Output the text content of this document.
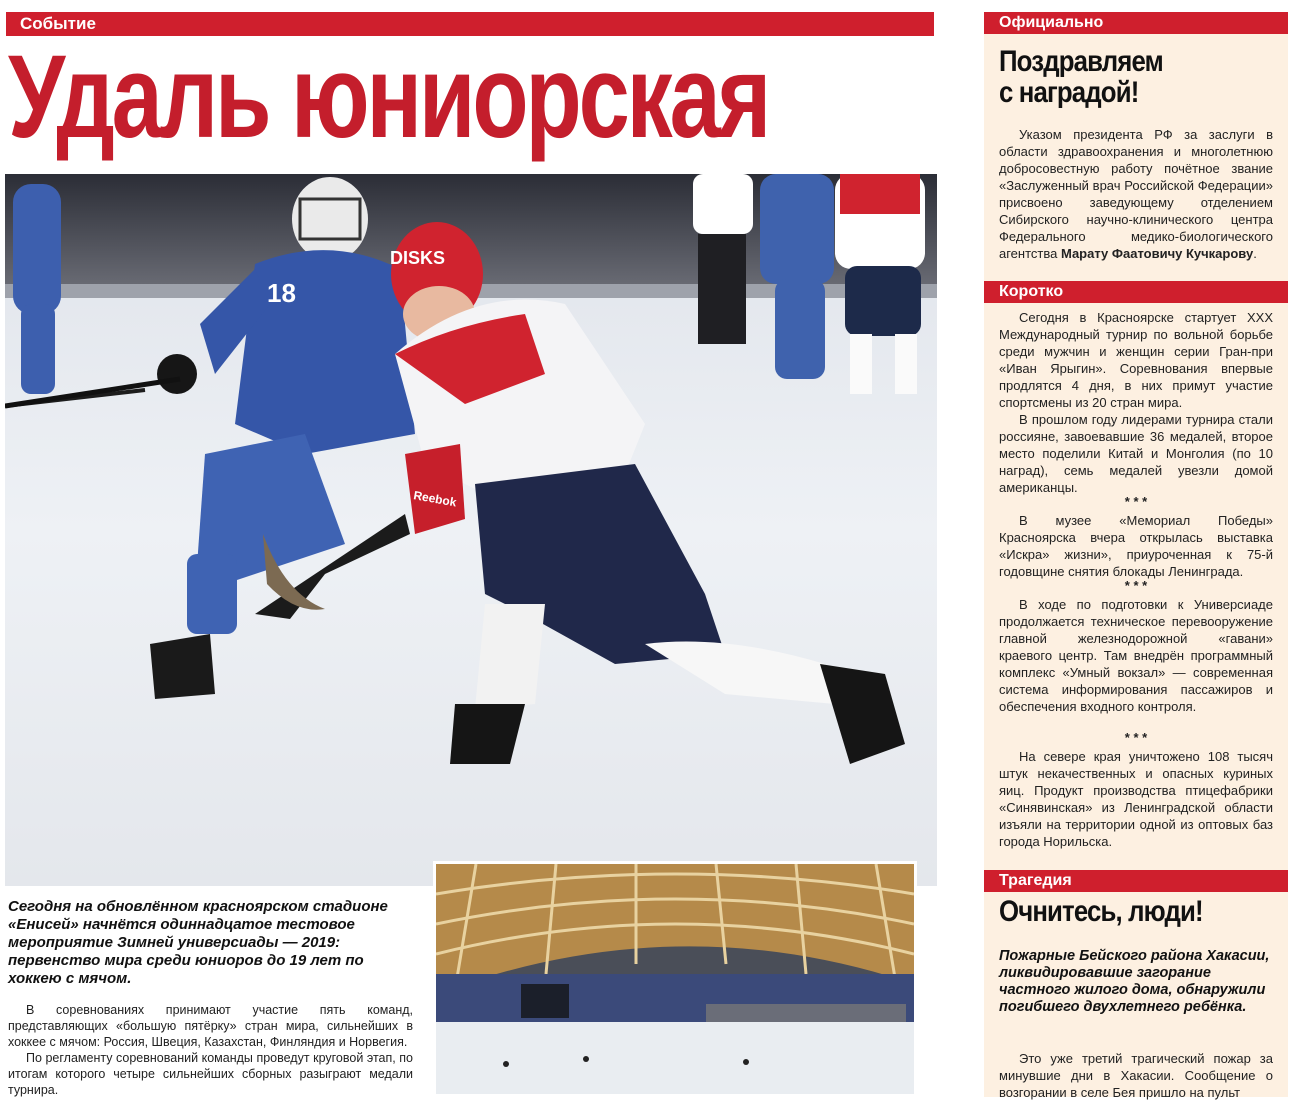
Событие
Удаль юниорская
18
DISKS
Reebok

Сегодня на обновлённом красноярском стадионе «Енисей» начнётся одиннадцатое тестовое мероприятие Зимней универсиады — 2019: первенство мира среди юниоров до 19 лет по хоккею с мячом.

В соревнованиях принимают участие пять команд, представляющих «большую пятёрку» стран мира, сильнейших в хоккее с мячом: Россия, Швеция, Казахстан, Финляндия и Норвегия.

По регламенту соревнований команды проведут круговой этап, по итогам которого четыре сильнейших сборных разыграют медали турнира.

Официально
Поздравляем
с наградой!

Указом президента РФ за заслуги в области здравоохранения и многолетнюю добросовестную работу почётное звание «Заслуженный врач Российской Федерации» присвоено заведующему отделением Сибирского научно-клинического центра Федерального медико-биологического агентства Марату Фаатовичу Кучкарову.

Коротко

Сегодня в Красноярске стартует XXX Международный турнир по вольной борьбе среди мужчин и женщин серии Гран-при «Иван Ярыгин». Соревнования впервые продлятся 4 дня, в них примут участие спортсмены из 20 стран мира.

В прошлом году лидерами турнира стали россияне, завоевавшие 36 медалей, второе место поделили Китай и Монголия (по 10 наград), семь медалей увезли домой американцы.

* * *

В музее «Мемориал Победы» Красноярска вчера открылась выставка «Искра» жизни», приуроченная к 75-й годовщине снятия блокады Ленинграда.

* * *

В ходе по подготовки к Универсиаде продолжается техническое перевооружение главной железнодорожной «гавани» краевого центр. Там внедрён программный комплекс «Умный вокзал» — современная система информирования пассажиров и обеспечения входного контроля.

* * *

На севере края уничтожено 108 тысяч штук некачественных и опасных куриных яиц. Продукт производства птицефабрики «Синявинская» из Ленинградской области изъяли на территории одной из оптовых баз города Норильска.

Трагедия
Очнитесь, люди!

Пожарные Бейского района Хакасии, ликвидировавшие загорание частного жилого дома, обнаружили погибшего двухлетнего ребёнка.

Это уже третий трагический пожар за минувшие дни в Хакасии. Сообщение о возгорании в селе Бея пришло на пульт
